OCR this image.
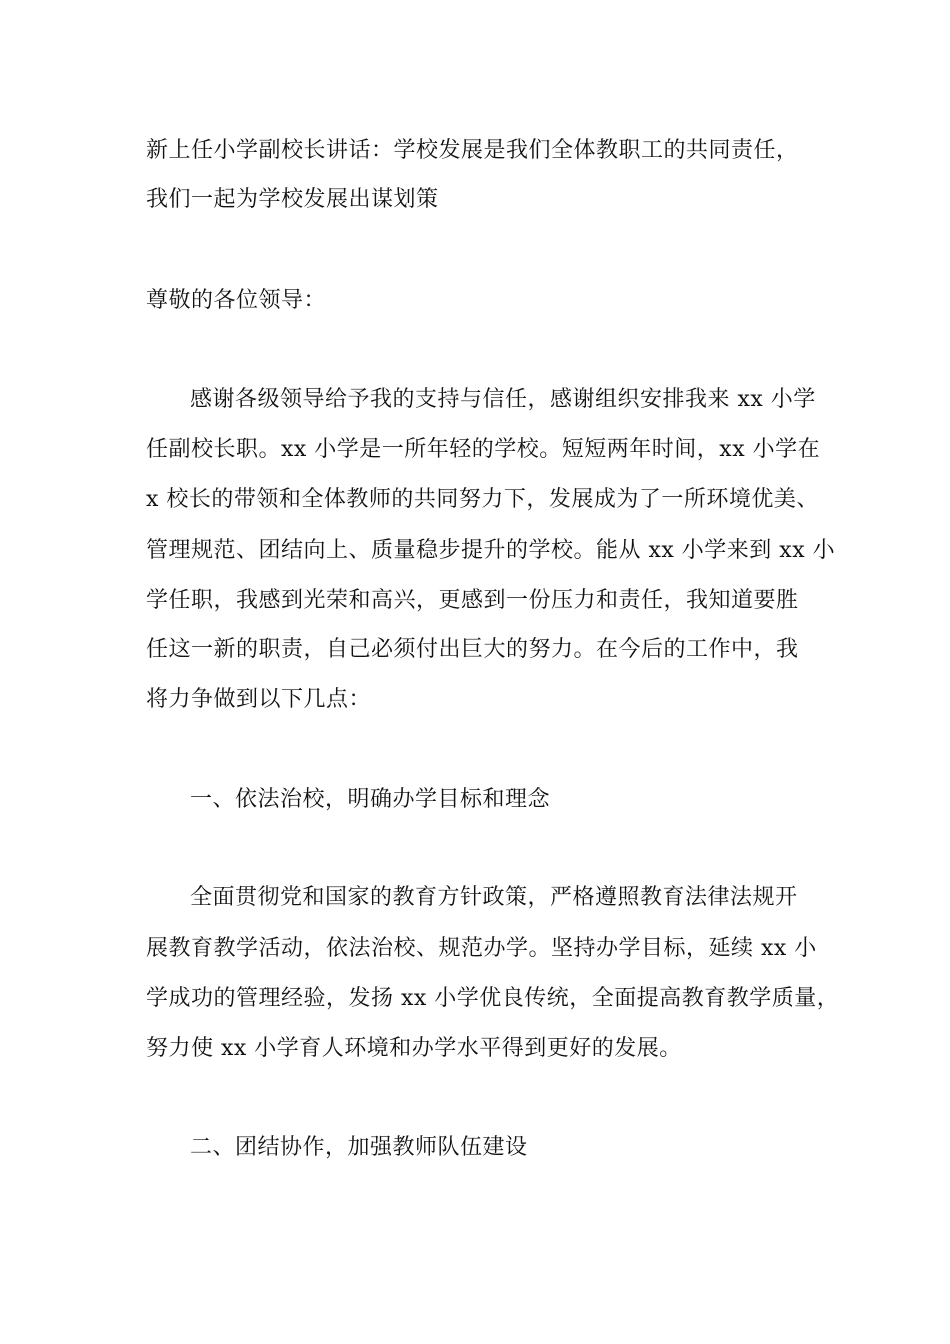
新上任小学副校长讲话：学校发展是我们全体教职工的共同责任，
我们一起为学校发展出谋划策
尊敬的各位领导：
感谢各级领导给予我的支持与信任，感谢组织安排我来 xx 小学
任副校长职。xx 小学是一所年轻的学校。短短两年时间，xx 小学在
x 校长的带领和全体教师的共同努力下，发展成为了一所环境优美、
管理规范、团结向上、质量稳步提升的学校。能从 xx 小学来到 xx 小
学任职，我感到光荣和高兴，更感到一份压力和责任，我知道要胜
任这一新的职责，自己必须付出巨大的努力。在今后的工作中，我
将力争做到以下几点：
一、依法治校，明确办学目标和理念
全面贯彻党和国家的教育方针政策，严格遵照教育法律法规开
展教育教学活动，依法治校、规范办学。坚持办学目标，延续 xx 小
学成功的管理经验，发扬 xx 小学优良传统，全面提高教育教学质量，
努力使 xx 小学育人环境和办学水平得到更好的发展。
二、团结协作，加强教师队伍建设
